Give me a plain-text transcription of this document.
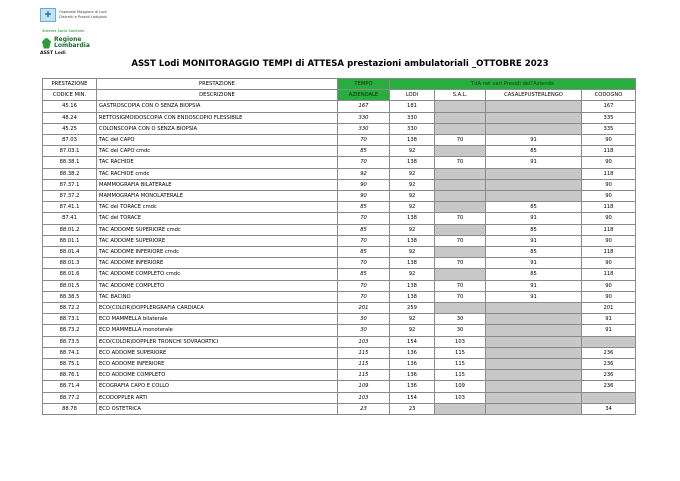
✚ Ospedale Maggiore di Lodi
Distretti e Presidi Lodigiani
Sistema Socio Sanitario
Regione
Lombardia
ASST Lodi
ASST Lodi MONITORAGGIO TEMPI di ATTESA prestazioni ambulatoriali _OTTOBRE 2023
PRESTAZIONE	PRESTAZIONE	TEMPO	TdA nei vari Presidi dell'Azienda			
CODICE MIN.	DESCRIZIONE	AZIENDALE	LODI	S.A.L.	CASALEPUSTERLENGO	CODOGNO
45.16	GASTROSCOPIA CON O SENZA BIOPSIA	167	181			167
48.24	RETTOSIGMOIDOSCOPIA CON ENDOSCOPIO FLESSIBILE	330	330			335
45.25	COLONSCOPIA CON O SENZA BIOPSIA	330	330			335
87.03	TAC del CAPO	70	138	70	91	90
87.03.1	TAC del CAPO cmdc	85	92		85	118
88.38.1	TAC RACHIDE	70	138	70	91	90
88.38.2	TAC RACHIDE cmdc	92	92			118
87.37.1	MAMMOGRAFIA BILATERALE	90	92			90
87.37.2	MAMMOGRAFIA MONOLATERALE	90	92			90
87.41.1	TAC del TORACE cmdc	85	92		85	118
87.41	TAC del TORACE	70	138	70	91	90
88.01.2	TAC ADDOME SUPERIORE cmdc	85	92		85	118
88.01.1	TAC ADDOME SUPERIORE	70	138	70	91	90
88.01.4	TAC ADDOME INFERIORE cmdc	85	92		85	118
88.01.3	TAC ADDOME INFERIORE	70	138	70	91	90
88.01.6	TAC ADDOME COMPLETO cmdc	85	92		85	118
88.01.5	TAC ADDOME COMPLETO	70	138	70	91	90
88.38.5	TAC BACINO	70	138	70	91	90
88.72.2	ECO(COLOR)DOPPLERGRAFIA CARDIACA	201	259			201
88.73.1	ECO MAMMELLA bilaterale	30	92	30		91
88.73.2	ECO MAMMELLA monoterale	30	92	30		91
88.73.5	ECO(COLOR)DOPPLER TRONCHI SOVRAORTICI	103	154	103		
88.74.1	ECO ADDOME SUPERIORE	115	136	115		236
88.75.1	ECO ADDOME INFERIORE	115	136	115		236
88.76.1	ECO ADDOME COMPLETO	115	136	115		236
88.71.4	ECOGRAFIA CAPO E COLLO	109	136	109		236
88.77.2	ECODOPPLER ARTI	103	154	103		
88.78	ECO OSTETRICA	23	23			34
